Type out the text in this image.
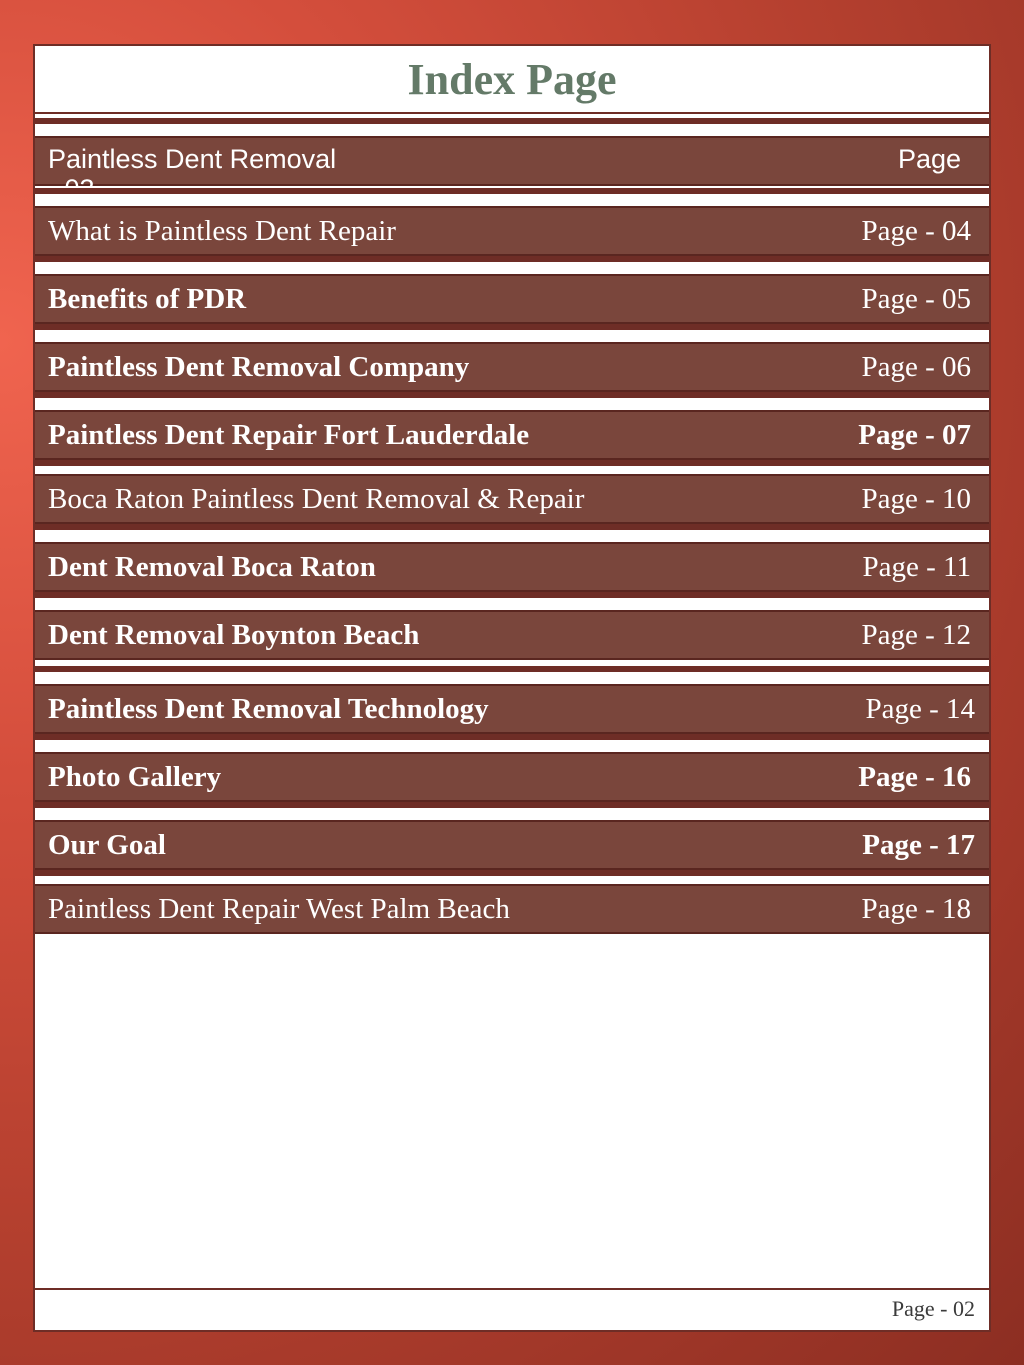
Index Page
Paintless Dent Removal	Page
What is Paintless Dent Repair	Page - 04
Benefits of PDR	Page - 05
Paintless Dent Removal Company	Page - 06
Paintless Dent Repair Fort Lauderdale	Page - 07
Boca Raton Paintless Dent Removal & Repair	Page - 10
Dent Removal Boca Raton	Page - 11
Dent Removal Boynton Beach	Page - 12
Paintless Dent Removal Technology	Page - 14
Photo Gallery	Page - 16
Our Goal	Page - 17
Paintless Dent Repair West Palm Beach	Page - 18
Page - 02
